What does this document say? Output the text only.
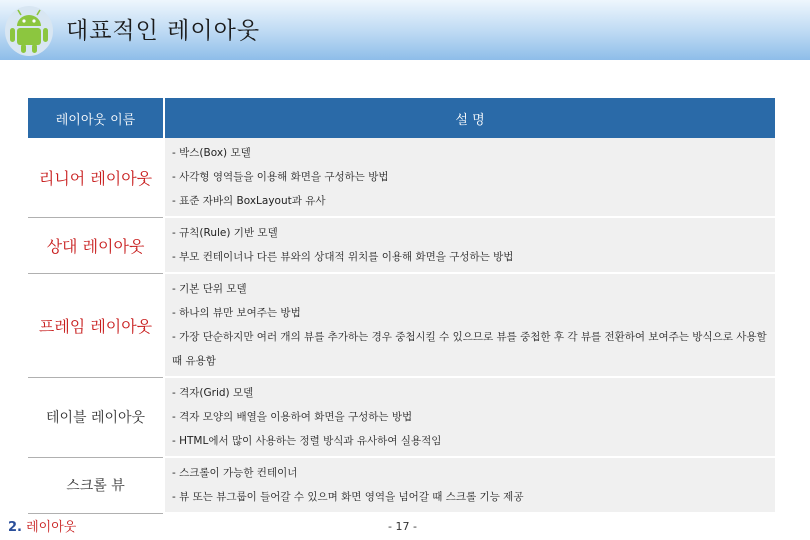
대표적인 레이아웃
레이아웃 이름	설 명
리니어 레이아웃	- 박스(Box) 모델
- 사각형 영역들을 이용해 화면을 구성하는 방법
- 표준 자바의 BoxLayout과 유사

상대 레이아웃	- 규칙(Rule) 기반 모델
- 부모 컨테이너나 다른 뷰와의 상대적 위치를 이용해 화면을 구성하는 방법

프레임 레이아웃	- 기본 단위 모델
- 하나의 뷰만 보여주는 방법
- 가장 단순하지만 여러 개의 뷰를 추가하는 경우 중첩시킬 수 있으므로 뷰를 중첩한 후 각 뷰를 전환하여 보여주는 방식으로 사용할 때 유용함

테이블 레이아웃	- 격자(Grid) 모델
- 격자 모양의 배열을 이용하여 화면을 구성하는 방법
- HTML에서 많이 사용하는 정렬 방식과 유사하여 실용적임

스크롤 뷰	- 스크롤이 가능한 컨테이너
- 뷰 또는 뷰그룹이 들어갈 수 있으며 화면 영역을 넘어갈 때 스크롤 기능 제공
2. 레이아웃	- 17 -
